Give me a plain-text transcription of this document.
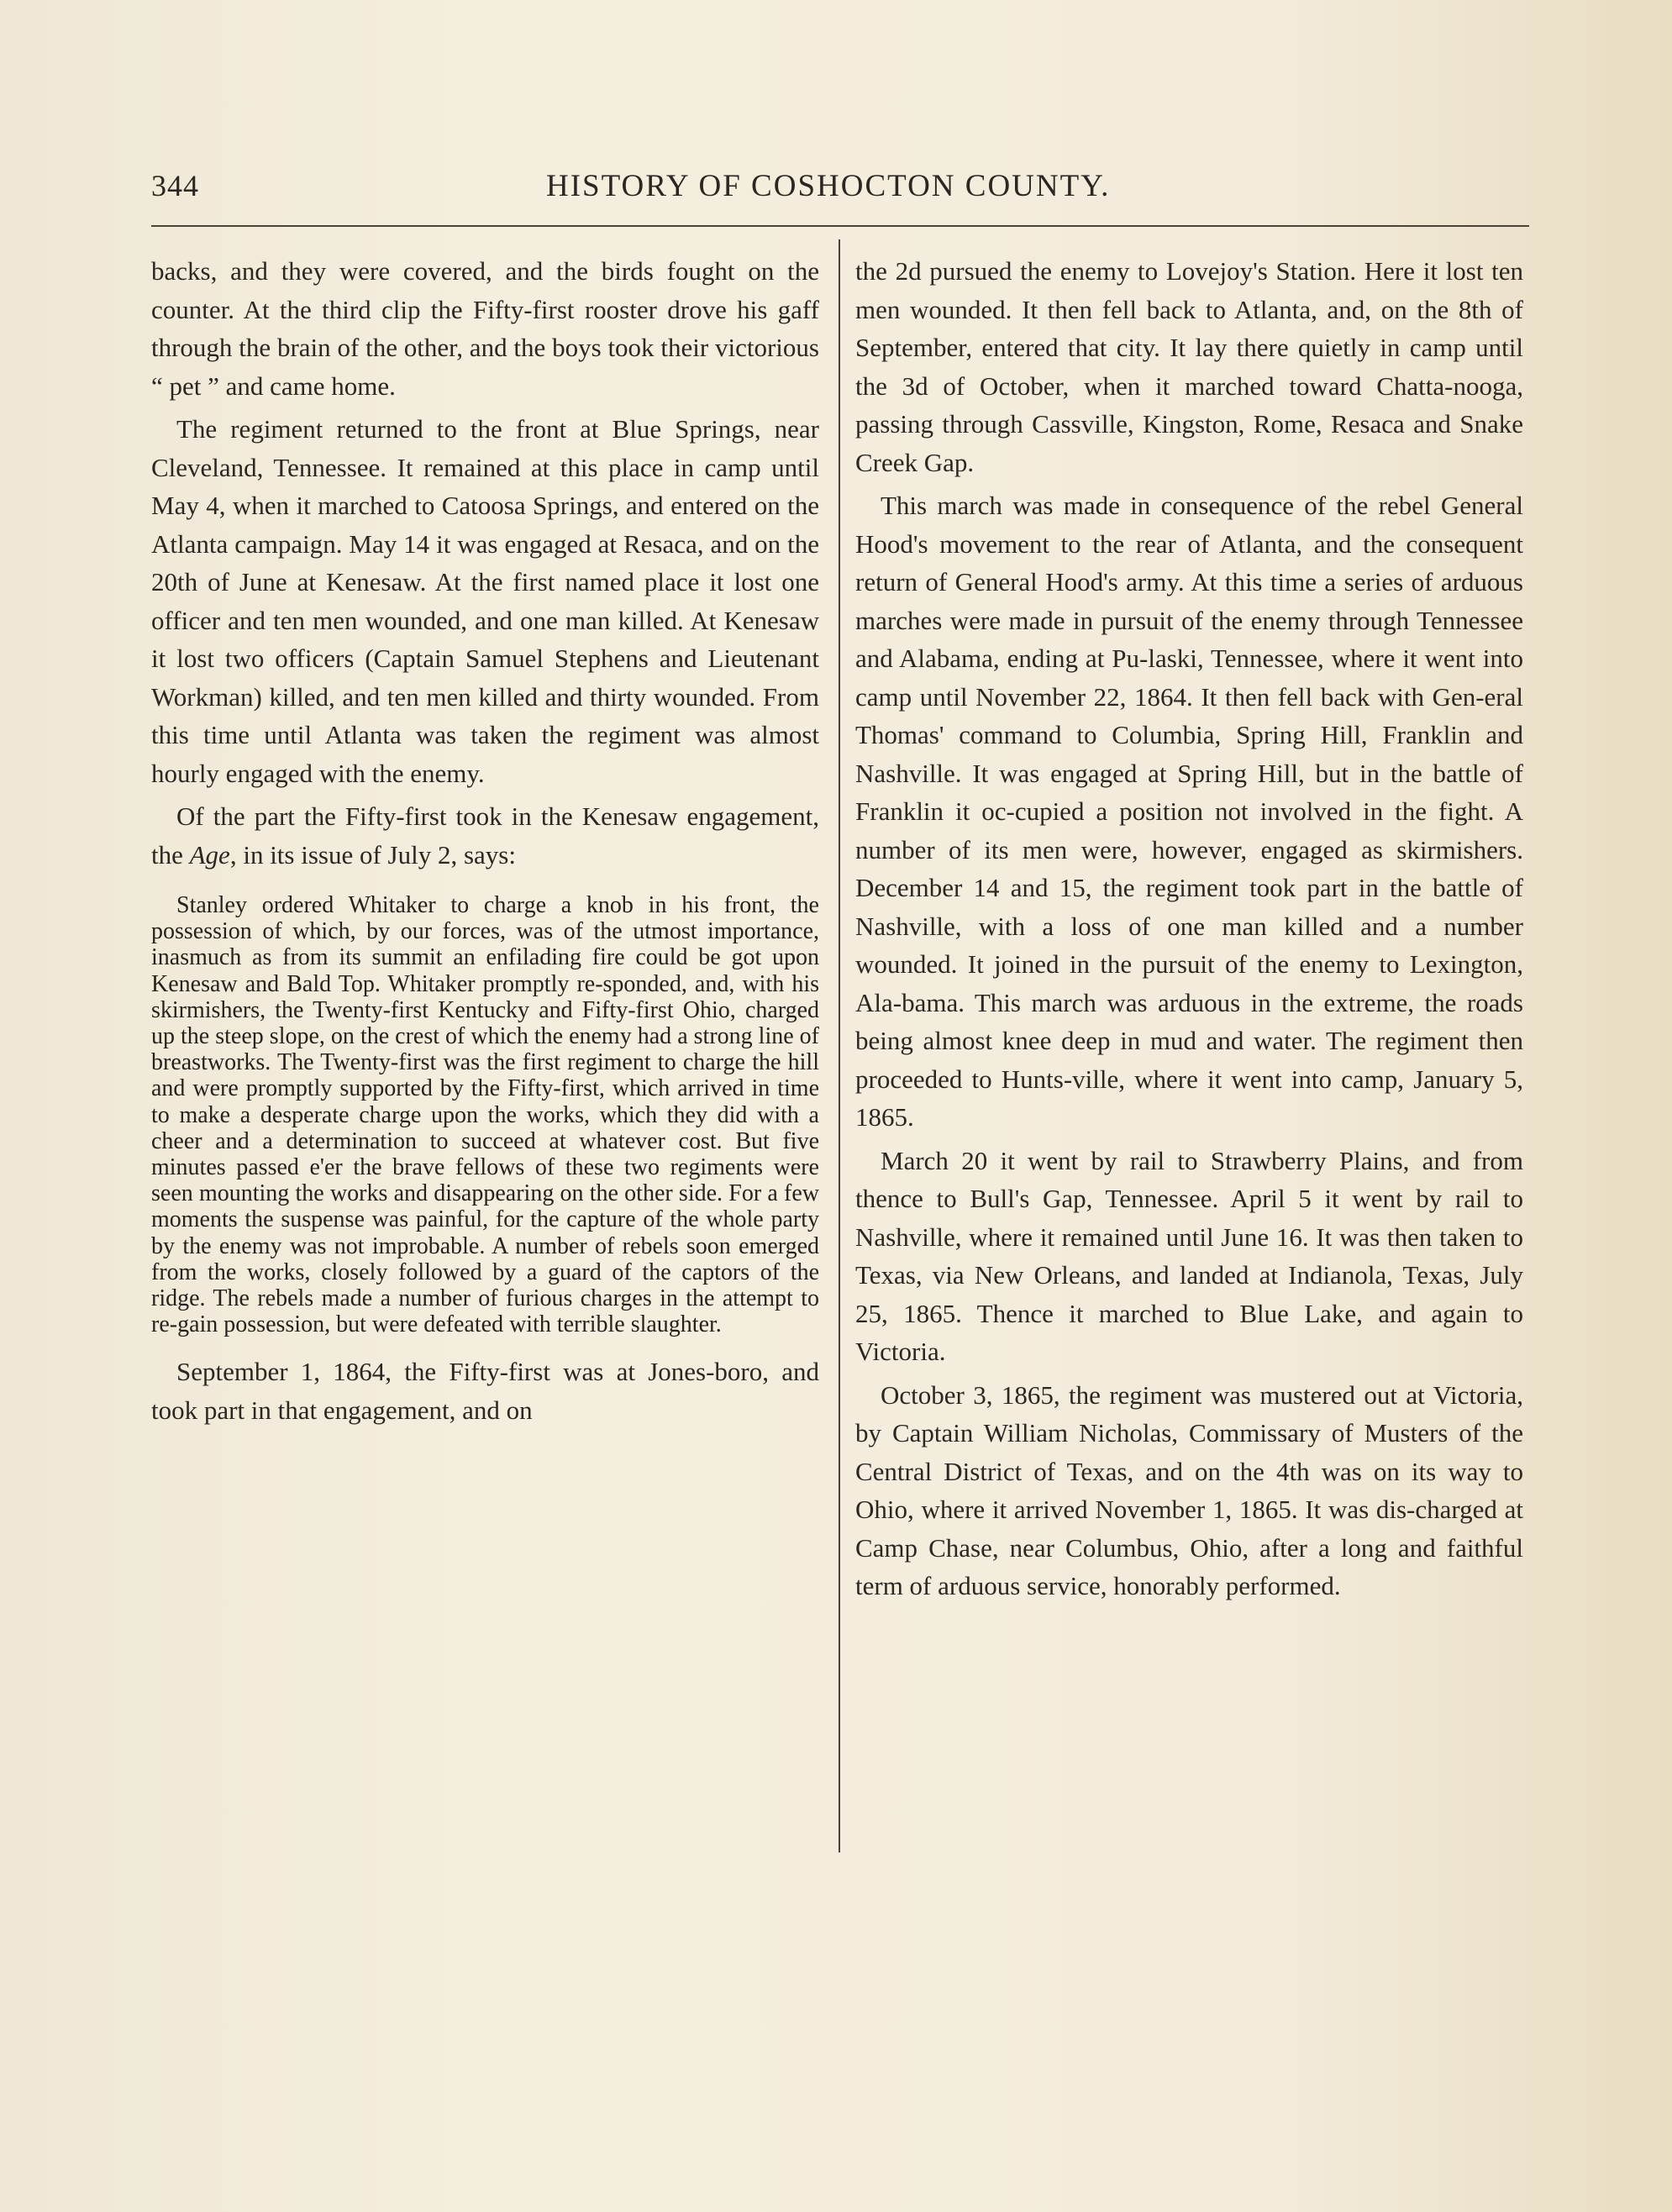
344	HISTORY OF COSHOCTON COUNTY.

backs, and they were covered, and the birds fought on the counter. At the third clip the Fifty-first rooster drove his gaff through the brain of the other, and the boys took their victorious “ pet ” and came home.

The regiment returned to the front at Blue Springs, near Cleveland, Tennessee. It remained at this place in camp until May 4, when it marched to Catoosa Springs, and entered on the Atlanta campaign. May 14 it was engaged at Resaca, and on the 20th of June at Kenesaw. At the first named place it lost one officer and ten men wounded, and one man killed. At Kenesaw it lost two officers (Captain Samuel Stephens and Lieutenant Workman) killed, and ten men killed and thirty wounded. From this time until Atlanta was taken the regiment was almost hourly engaged with the enemy.

Of the part the Fifty-first took in the Kenesaw engagement, the Age, in its issue of July 2, says:

Stanley ordered Whitaker to charge a knob in his front, the possession of which, by our forces, was of the utmost importance, inasmuch as from its summit an enfilading fire could be got upon Kenesaw and Bald Top. Whitaker promptly re-sponded, and, with his skirmishers, the Twenty-first Kentucky and Fifty-first Ohio, charged up the steep slope, on the crest of which the enemy had a strong line of breastworks. The Twenty-first was the first regiment to charge the hill and were promptly supported by the Fifty-first, which arrived in time to make a desperate charge upon the works, which they did with a cheer and a determination to succeed at whatever cost. But five minutes passed e'er the brave fellows of these two regiments were seen mounting the works and disappearing on the other side. For a few moments the suspense was painful, for the capture of the whole party by the enemy was not improbable. A number of rebels soon emerged from the works, closely followed by a guard of the captors of the ridge. The rebels made a number of furious charges in the attempt to re-gain possession, but were defeated with terrible slaughter.

September 1, 1864, the Fifty-first was at Jones-boro, and took part in that engagement, and on

the 2d pursued the enemy to Lovejoy's Station. Here it lost ten men wounded. It then fell back to Atlanta, and, on the 8th of September, entered that city. It lay there quietly in camp until the 3d of October, when it marched toward Chatta-nooga, passing through Cassville, Kingston, Rome, Resaca and Snake Creek Gap.

This march was made in consequence of the rebel General Hood's movement to the rear of Atlanta, and the consequent return of General Hood's army. At this time a series of arduous marches were made in pursuit of the enemy through Tennessee and Alabama, ending at Pu-laski, Tennessee, where it went into camp until November 22, 1864. It then fell back with Gen-eral Thomas' command to Columbia, Spring Hill, Franklin and Nashville. It was engaged at Spring Hill, but in the battle of Franklin it oc-cupied a position not involved in the fight. A number of its men were, however, engaged as skirmishers. December 14 and 15, the regiment took part in the battle of Nashville, with a loss of one man killed and a number wounded. It joined in the pursuit of the enemy to Lexington, Ala-bama. This march was arduous in the extreme, the roads being almost knee deep in mud and water. The regiment then proceeded to Hunts-ville, where it went into camp, January 5, 1865.

March 20 it went by rail to Strawberry Plains, and from thence to Bull's Gap, Tennessee. April 5 it went by rail to Nashville, where it remained until June 16. It was then taken to Texas, via New Orleans, and landed at Indianola, Texas, July 25, 1865. Thence it marched to Blue Lake, and again to Victoria.

October 3, 1865, the regiment was mustered out at Victoria, by Captain William Nicholas, Commissary of Musters of the Central District of Texas, and on the 4th was on its way to Ohio, where it arrived November 1, 1865. It was dis-charged at Camp Chase, near Columbus, Ohio, after a long and faithful term of arduous service, honorably performed.
